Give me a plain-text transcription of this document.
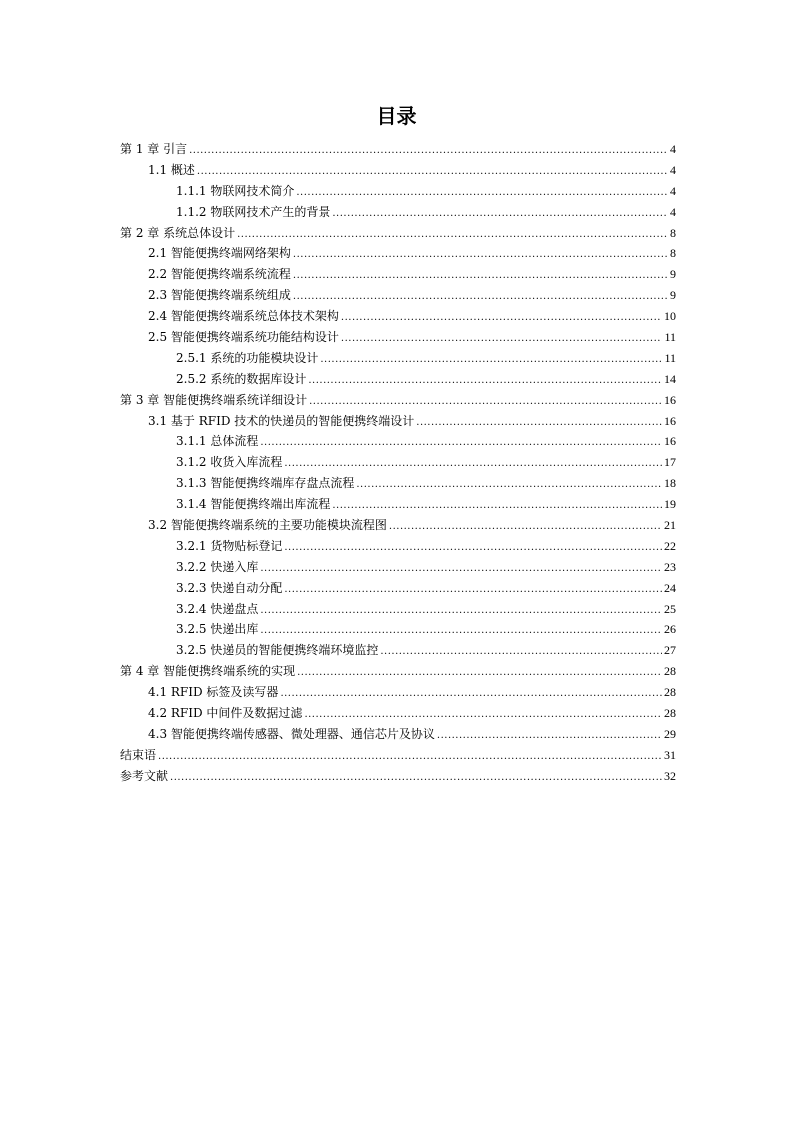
目录
第 1 章 引言 .....	4
1.1 概述 .....	4
1.1.1 物联网技术简介 .....	4
1.1.2 物联网技术产生的背景 .....	4
第 2 章 系统总体设计 .....	8
2.1 智能便携终端网络架构 .....	8
2.2 智能便携终端系统流程 .....	9
2.3 智能便携终端系统组成 .....	9
2.4 智能便携终端系统总体技术架构 .....	10
2.5 智能便携终端系统功能结构设计 .....	11
2.5.1 系统的功能模块设计 .....	11
2.5.2 系统的数据库设计 .....	14
第 3 章 智能便携终端系统详细设计 .....	16
3.1 基于 RFID 技术的快递员的智能便携终端设计 .....	16
3.1.1 总体流程 .....	16
3.1.2 收货入库流程 .....	17
3.1.3 智能便携终端库存盘点流程 .....	18
3.1.4 智能便携终端出库流程 .....	19
3.2 智能便携终端系统的主要功能模块流程图 .....	21
3.2.1 货物贴标登记 .....	22
3.2.2 快递入库 .....	23
3.2.3 快递自动分配 .....	24
3.2.4 快递盘点 .....	25
3.2.5 快递出库 .....	26
3.2.5 快递员的智能便携终端环境监控 .....	27
第 4 章 智能便携终端系统的实现 .....	28
4.1 RFID 标签及读写器 .....	28
4.2 RFID 中间件及数据过滤 .....	28
4.3 智能便携终端传感器、微处理器、通信芯片及协议 .....	29
结束语 .....	31
参考文献 .....	32
